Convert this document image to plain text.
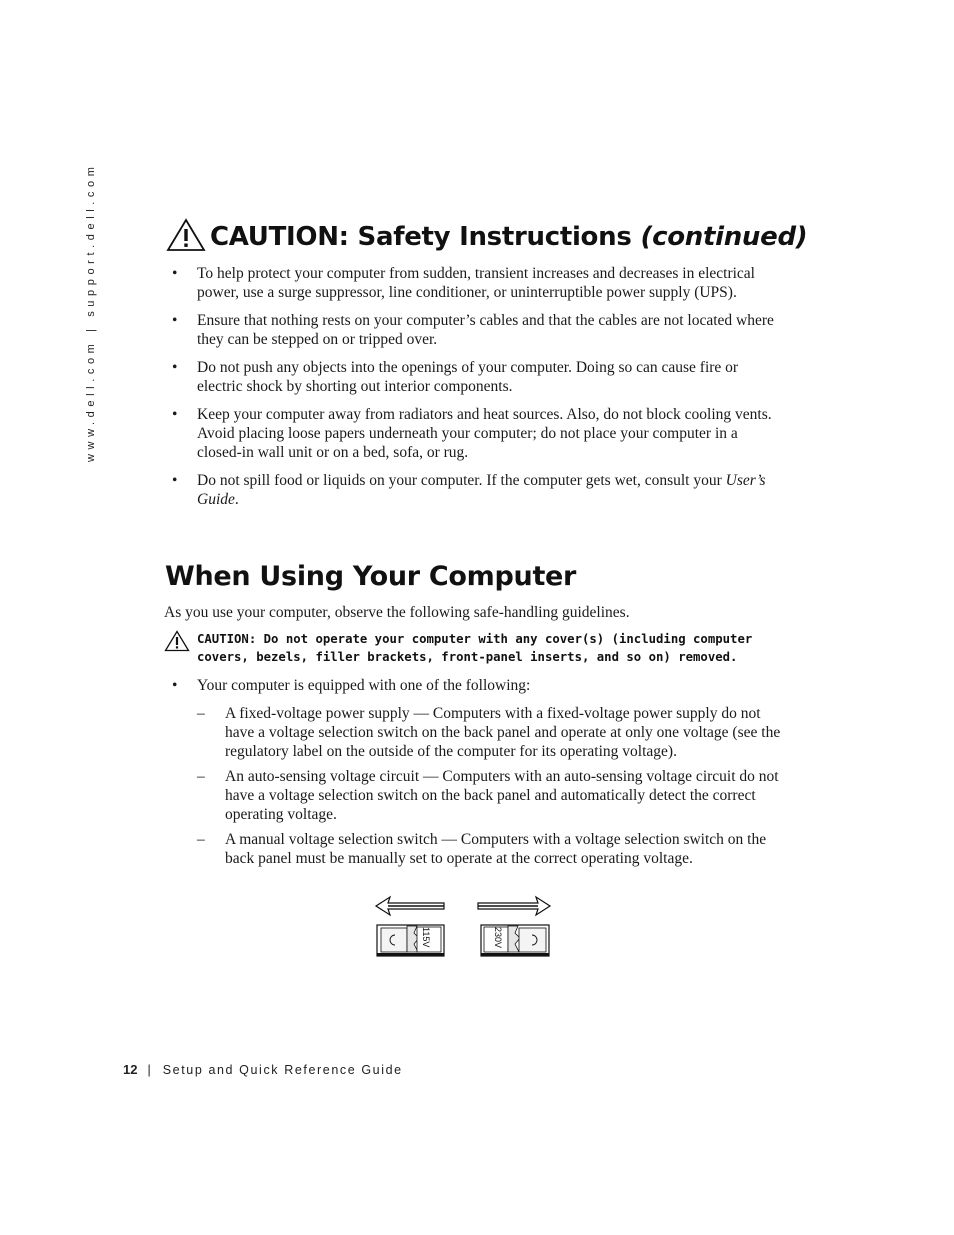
www.dell.com | support.dell.com	CAUTION: Safety Instructions (continued)
• To help protect your computer from sudden, transient increases and decreases in electrical power, use a surge suppressor, line conditioner, or uninterruptible power supply (UPS).
• Ensure that nothing rests on your computer’s cables and that the cables are not located where they can be stepped on or tripped over.
• Do not push any objects into the openings of your computer. Doing so can cause fire or electric shock by shorting out interior components.
• Keep your computer away from radiators and heat sources. Also, do not block cooling vents. Avoid placing loose papers underneath your computer; do not place your computer in a closed-in wall unit or on a bed, sofa, or rug.
• Do not spill food or liquids on your computer. If the computer gets wet, consult your User’s Guide.
When Using Your Computer
As you use your computer, observe the following safe-handling guidelines.
CAUTION: Do not operate your computer with any cover(s) (including computer covers, bezels, filler brackets, front-panel inserts, and so on) removed.
• Your computer is equipped with one of the following:
– A fixed-voltage power supply — Computers with a fixed-voltage power supply do not have a voltage selection switch on the back panel and operate at only one voltage (see the regulatory label on the outside of the computer for its operating voltage).
– An auto-sensing voltage circuit — Computers with an auto-sensing voltage circuit do not have a voltage selection switch on the back panel and automatically detect the correct operating voltage.
– A manual voltage selection switch — Computers with a voltage selection switch on the back panel must be manually set to operate at the correct operating voltage.
115V	230V
12 | Setup and Quick Reference Guide
